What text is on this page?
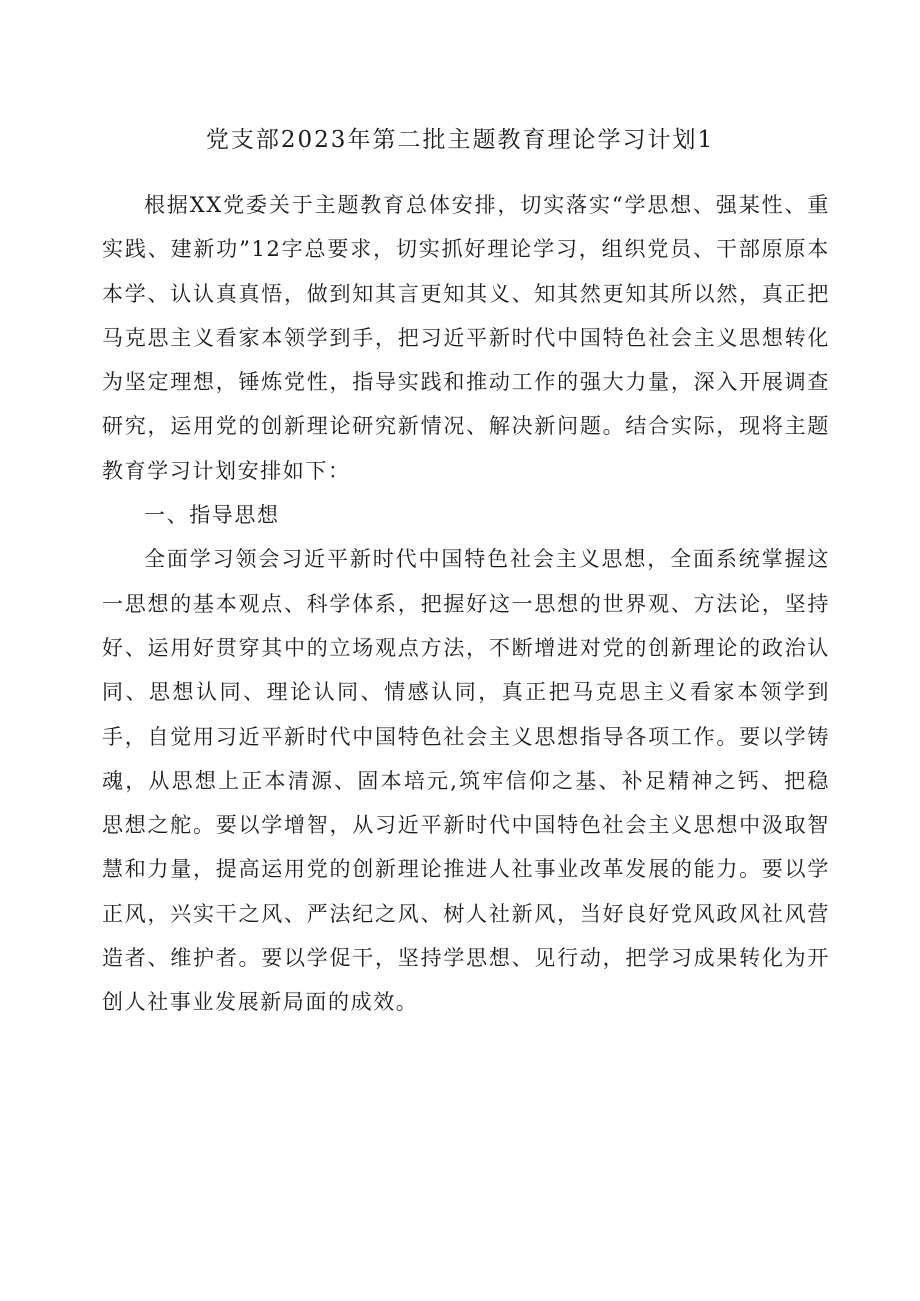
党支部2023年第二批主题教育理论学习计划1

根据XX党委关于主题教育总体安排，切实落实“学思想、强某性、重实践、建新功”12字总要求，切实抓好理论学习，组织党员、干部原原本本学、认认真真悟，做到知其言更知其义、知其然更知其所以然，真正把马克思主义看家本领学到手，把习近平新时代中国特色社会主义思想转化为坚定理想，锤炼党性，指导实践和推动工作的强大力量，深入开展调查研究，运用党的创新理论研究新情况、解决新问题。结合实际，现将主题教育学习计划安排如下：

一、指导思想

全面学习领会习近平新时代中国特色社会主义思想，全面系统掌握这一思想的基本观点、科学体系，把握好这一思想的世界观、方法论，坚持好、运用好贯穿其中的立场观点方法，不断增进对党的创新理论的政治认同、思想认同、理论认同、情感认同，真正把马克思主义看家本领学到手，自觉用习近平新时代中国特色社会主义思想指导各项工作。要以学铸魂，从思想上正本清源、固本培元,筑牢信仰之基、补足精神之钙、把稳思想之舵。要以学增智，从习近平新时代中国特色社会主义思想中汲取智慧和力量，提高运用党的创新理论推进人社事业改革发展的能力。要以学正风，兴实干之风、严法纪之风、树人社新风，当好良好党风政风社风营造者、维护者。要以学促干，坚持学思想、见行动，把学习成果转化为开创人社事业发展新局面的成效。
